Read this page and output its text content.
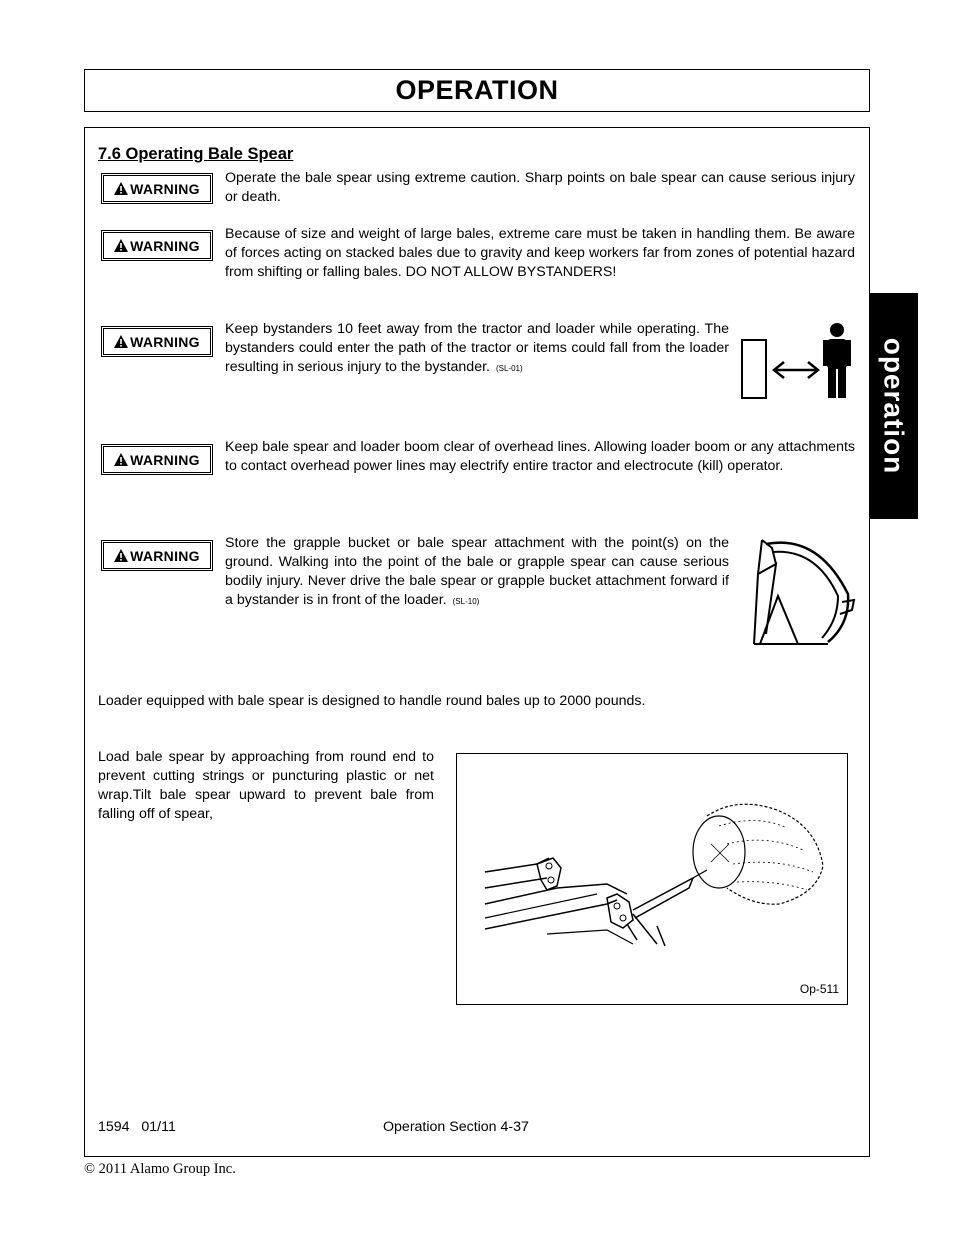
OPERATION
operation
7.6 Operating Bale Spear
WARNING
Operate the bale spear using extreme caution. Sharp points on bale spear can cause serious injury or death.
WARNING
Because of size and weight of large bales, extreme care must be taken in handling them. Be aware of forces acting on stacked bales due to gravity and keep workers far from zones of potential hazard from shifting or falling bales. DO NOT ALLOW BYSTANDERS!
WARNING
Keep bystanders 10 feet away from the tractor and loader while operating. The bystanders could enter the path of the tractor or items could fall from the loader resulting in serious injury to the bystander. (SL-01)
WARNING
Keep bale spear and loader boom clear of overhead lines. Allowing loader boom or any attachments to contact overhead power lines may electrify entire tractor and electrocute (kill) operator.
WARNING
Store the grapple bucket or bale spear attachment with the point(s) on the ground. Walking into the point of the bale or grapple spear can cause serious bodily injury. Never drive the bale spear or grapple bucket attachment forward if a bystander is in front of the loader. (SL-10)
Loader equipped with bale spear is designed to handle round bales up to 2000 pounds.
Load bale spear by approaching from round end to prevent cutting strings or puncturing plastic or net wrap.Tilt bale spear upward to prevent bale from falling off of spear,
Op-511
1594   01/11	Operation Section 4-37
© 2011 Alamo Group Inc.
